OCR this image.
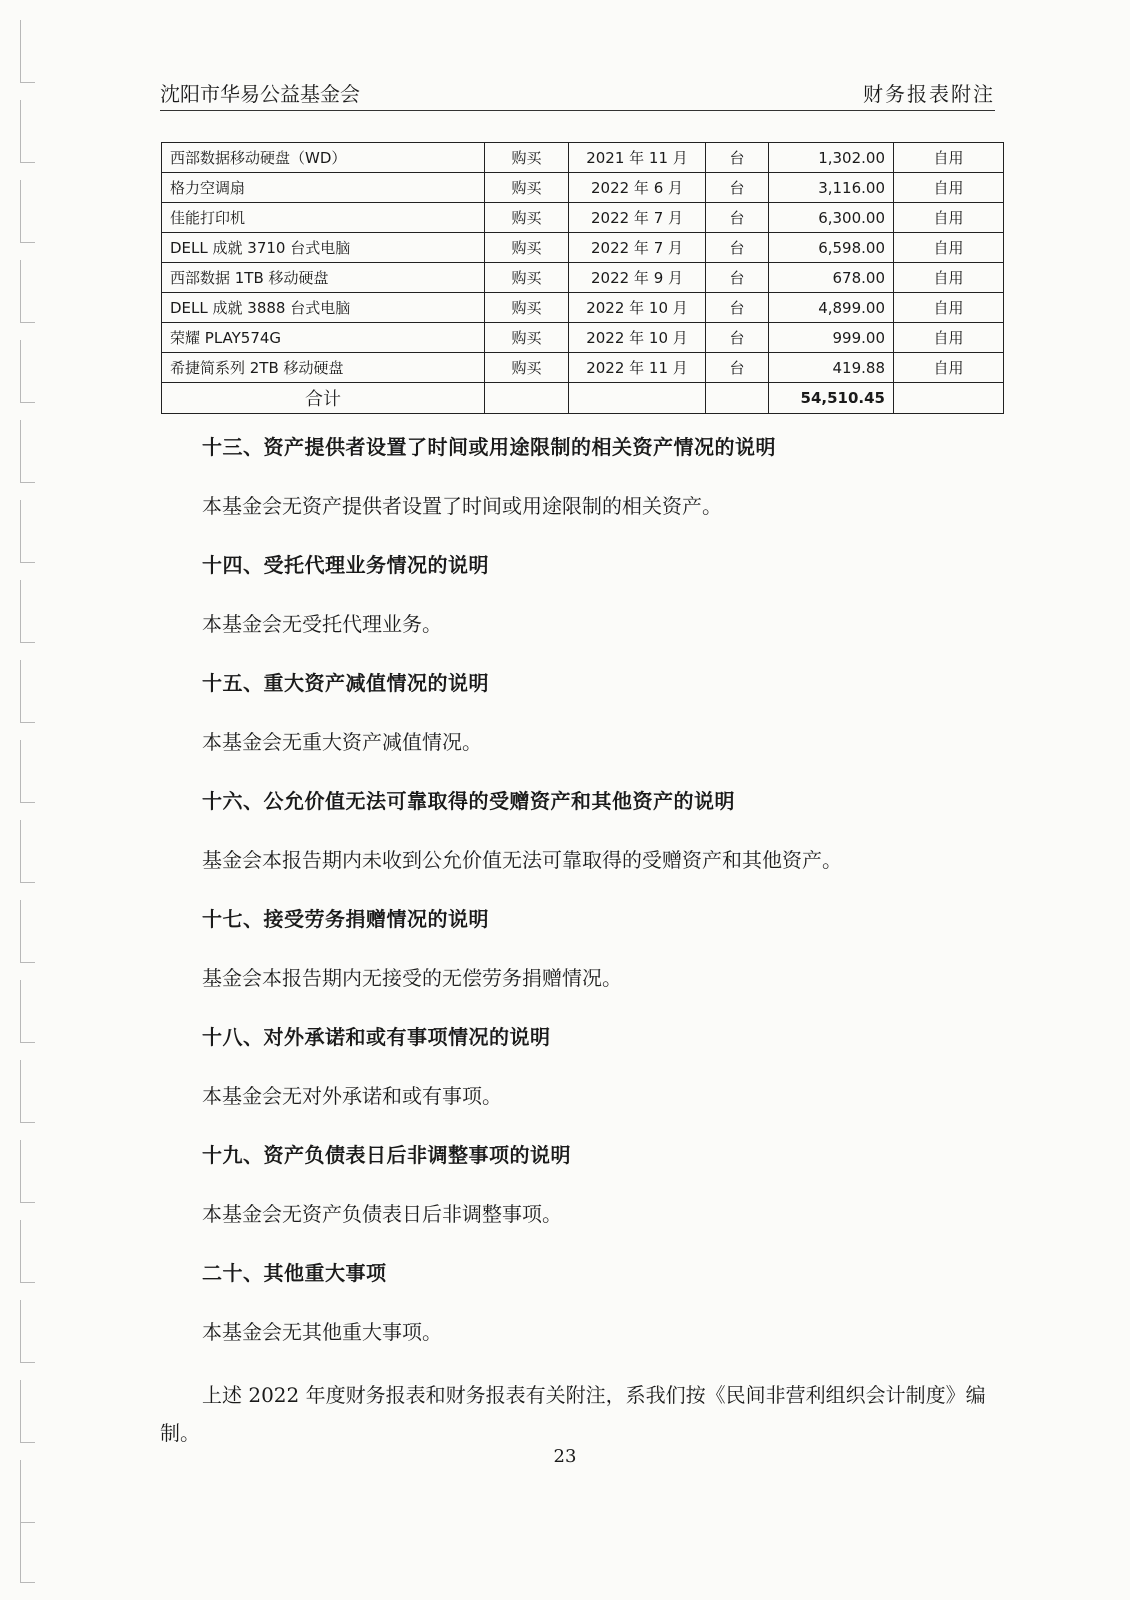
沈阳市华易公益基金会	财务报表附注
西部数据移动硬盘（WD）	购买	2021 年 11 月	台	1,302.00	自用
格力空调扇	购买	2022 年 6 月	台	3,116.00	自用
佳能打印机	购买	2022 年 7 月	台	6,300.00	自用
DELL 成就 3710 台式电脑	购买	2022 年 7 月	台	6,598.00	自用
西部数据 1TB 移动硬盘	购买	2022 年 9 月	台	678.00	自用
DELL 成就 3888 台式电脑	购买	2022 年 10 月	台	4,899.00	自用
荣耀 PLAY574G	购买	2022 年 10 月	台	999.00	自用
希捷简系列 2TB 移动硬盘	购买	2022 年 11 月	台	419.88	自用
合计				54,510.45	

十三、资产提供者设置了时间或用途限制的相关资产情况的说明

本基金会无资产提供者设置了时间或用途限制的相关资产。

十四、受托代理业务情况的说明

本基金会无受托代理业务。

十五、重大资产减值情况的说明

本基金会无重大资产减值情况。

十六、公允价值无法可靠取得的受赠资产和其他资产的说明

基金会本报告期内未收到公允价值无法可靠取得的受赠资产和其他资产。

十七、接受劳务捐赠情况的说明

基金会本报告期内无接受的无偿劳务捐赠情况。

十八、对外承诺和或有事项情况的说明

本基金会无对外承诺和或有事项。

十九、资产负债表日后非调整事项的说明

本基金会无资产负债表日后非调整事项。

二十、其他重大事项

本基金会无其他重大事项。

上述 2022 年度财务报表和财务报表有关附注，系我们按《民间非营利组织会计制度》编制。

23
